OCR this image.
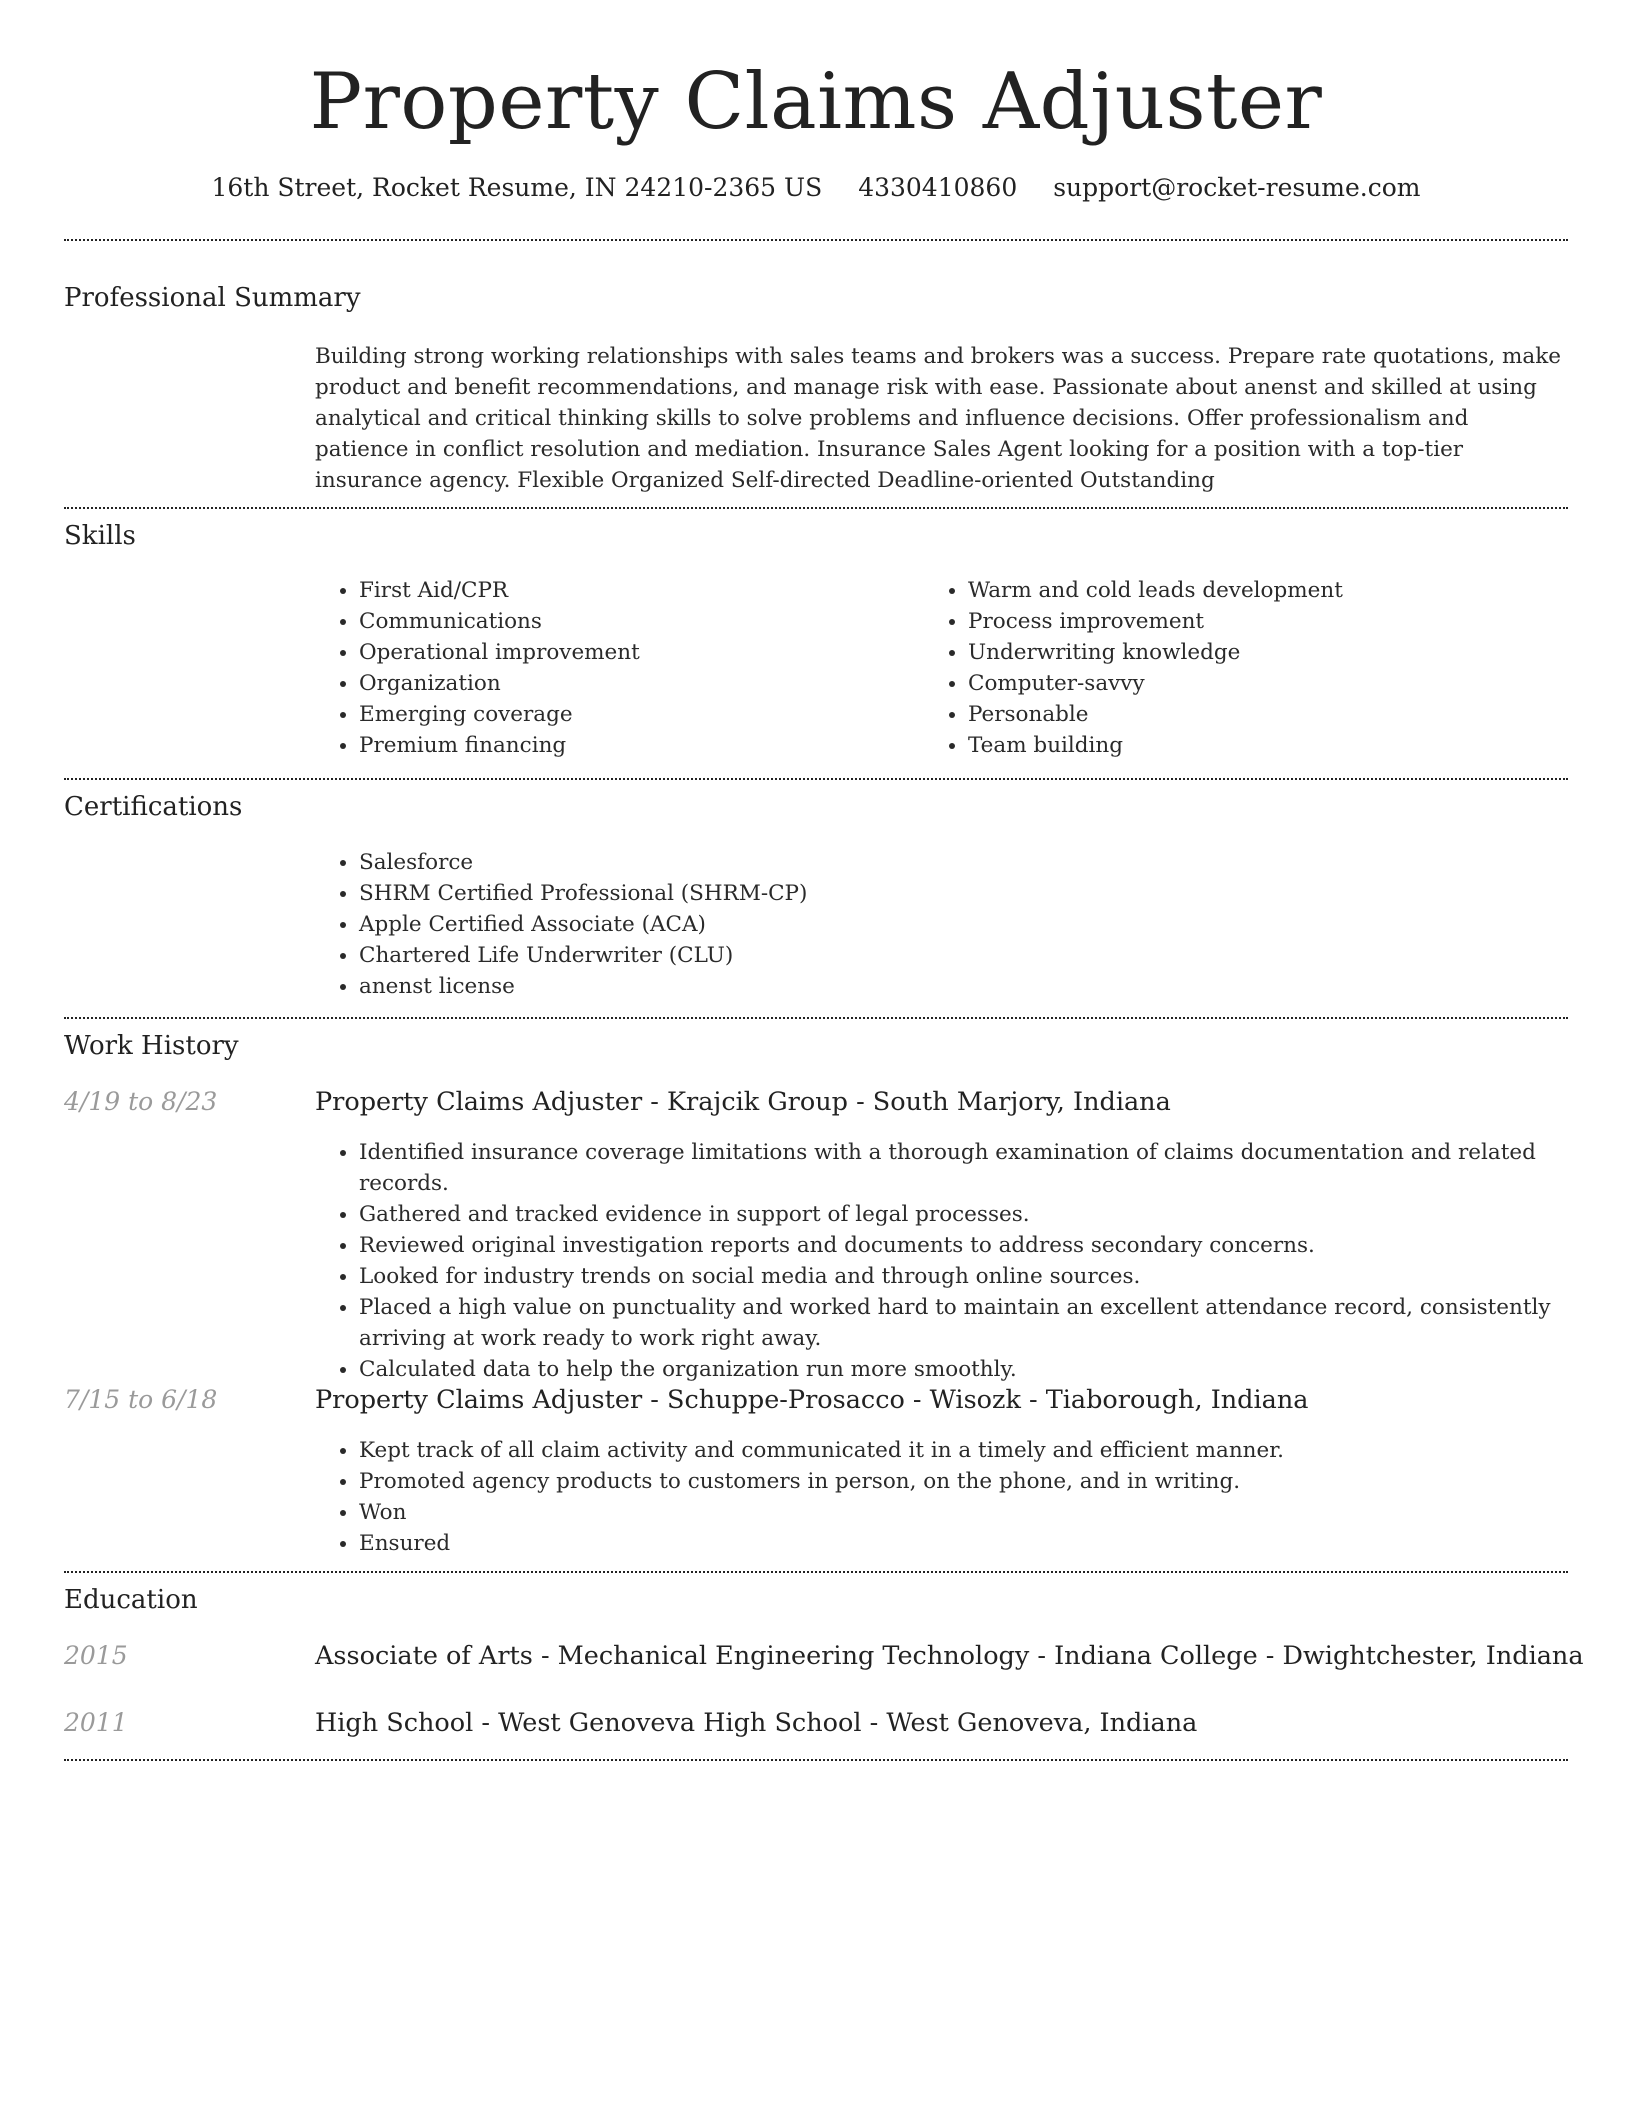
Property Claims Adjuster
16th Street, Rocket Resume, IN 24210-2365 US 4330410860 support@rocket-resume.com
Professional Summary

Building strong working relationships with sales teams and brokers was a success. Prepare rate quotations, make product and benefit recommendations, and manage risk with ease. Passionate about anenst and skilled at using analytical and critical thinking skills to solve problems and influence decisions. Offer professionalism and patience in conflict resolution and mediation. Insurance Sales Agent looking for a position with a top-tier insurance agency. Flexible Organized Self-directed Deadline-oriented Outstanding

Skills
• First Aid/CPR
• Communications
• Operational improvement
• Organization
• Emerging coverage
• Premium financing
• Warm and cold leads development
• Process improvement
• Underwriting knowledge
• Computer-savvy
• Personable
• Team building
Certifications
• Salesforce
• SHRM Certified Professional (SHRM-CP)
• Apple Certified Associate (ACA)
• Chartered Life Underwriter (CLU)
• anenst license
Work History
4/19 to 8/23	Property Claims Adjuster - Krajcik Group - South Marjory, Indiana
• Identified insurance coverage limitations with a thorough examination of claims documentation and related records.
• Gathered and tracked evidence in support of legal processes.
• Reviewed original investigation reports and documents to address secondary concerns.
• Looked for industry trends on social media and through online sources.
• Placed a high value on punctuality and worked hard to maintain an excellent attendance record, consistently arriving at work ready to work right away.
• Calculated data to help the organization run more smoothly.
7/15 to 6/18	Property Claims Adjuster - Schuppe-Prosacco - Wisozk - Tiaborough, Indiana
• Kept track of all claim activity and communicated it in a timely and efficient manner.
• Promoted agency products to customers in person, on the phone, and in writing.
• Won
• Ensured
Education
2015	Associate of Arts - Mechanical Engineering Technology - Indiana College - Dwightchester, Indiana
2011	High School - West Genoveva High School - West Genoveva, Indiana
